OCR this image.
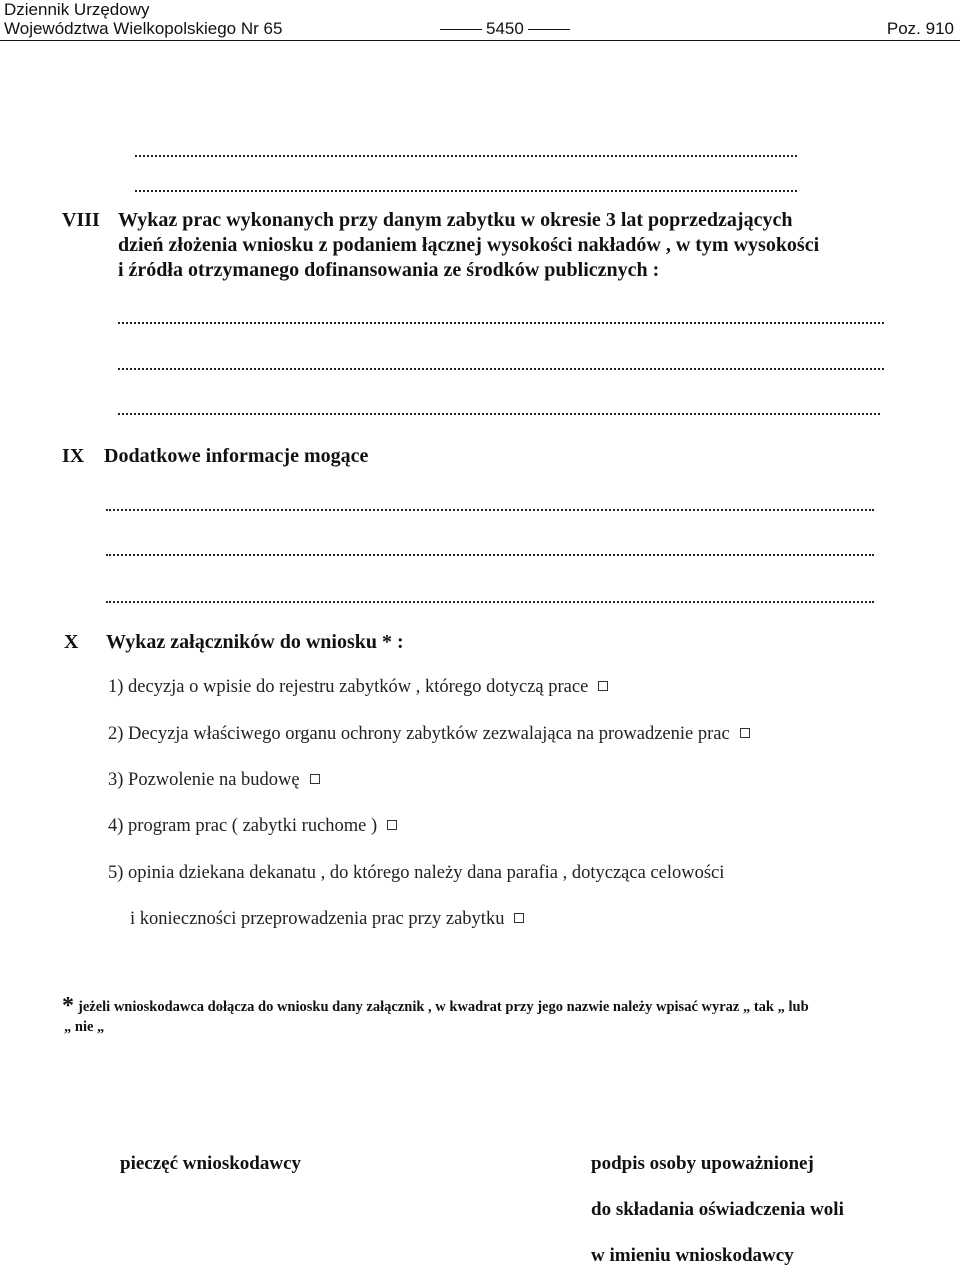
Dziennik Urzędowy
Województwa Wielkopolskiego Nr 65	5450	Poz. 910
VIII Wykaz prac wykonanych przy danym zabytku w okresie 3 lat poprzedzających
dzień złożenia wniosku z podaniem łącznej wysokości nakładów , w tym wysokości
i źródła otrzymanego dofinansowania ze środków publicznych :
IX Dodatkowe informacje mogące
X Wykaz załączników do wniosku * :
1) decyzja o wpisie do rejestru zabytków , którego dotyczą prace
2) Decyzja właściwego organu ochrony zabytków zezwalająca na prowadzenie prac
3) Pozwolenie na budowę
4) program prac ( zabytki ruchome )
5) opinia dziekana dekanatu , do którego należy dana parafia , dotycząca celowości
i konieczności przeprowadzenia prac przy zabytku
* jeżeli wnioskodawca dołącza do wniosku dany załącznik , w kwadrat przy jego nazwie należy wpisać wyraz „ tak „ lub
„ nie „
pieczęć wnioskodawcy	podpis osoby upoważnionej
do składania oświadczenia woli
w imieniu wnioskodawcy
